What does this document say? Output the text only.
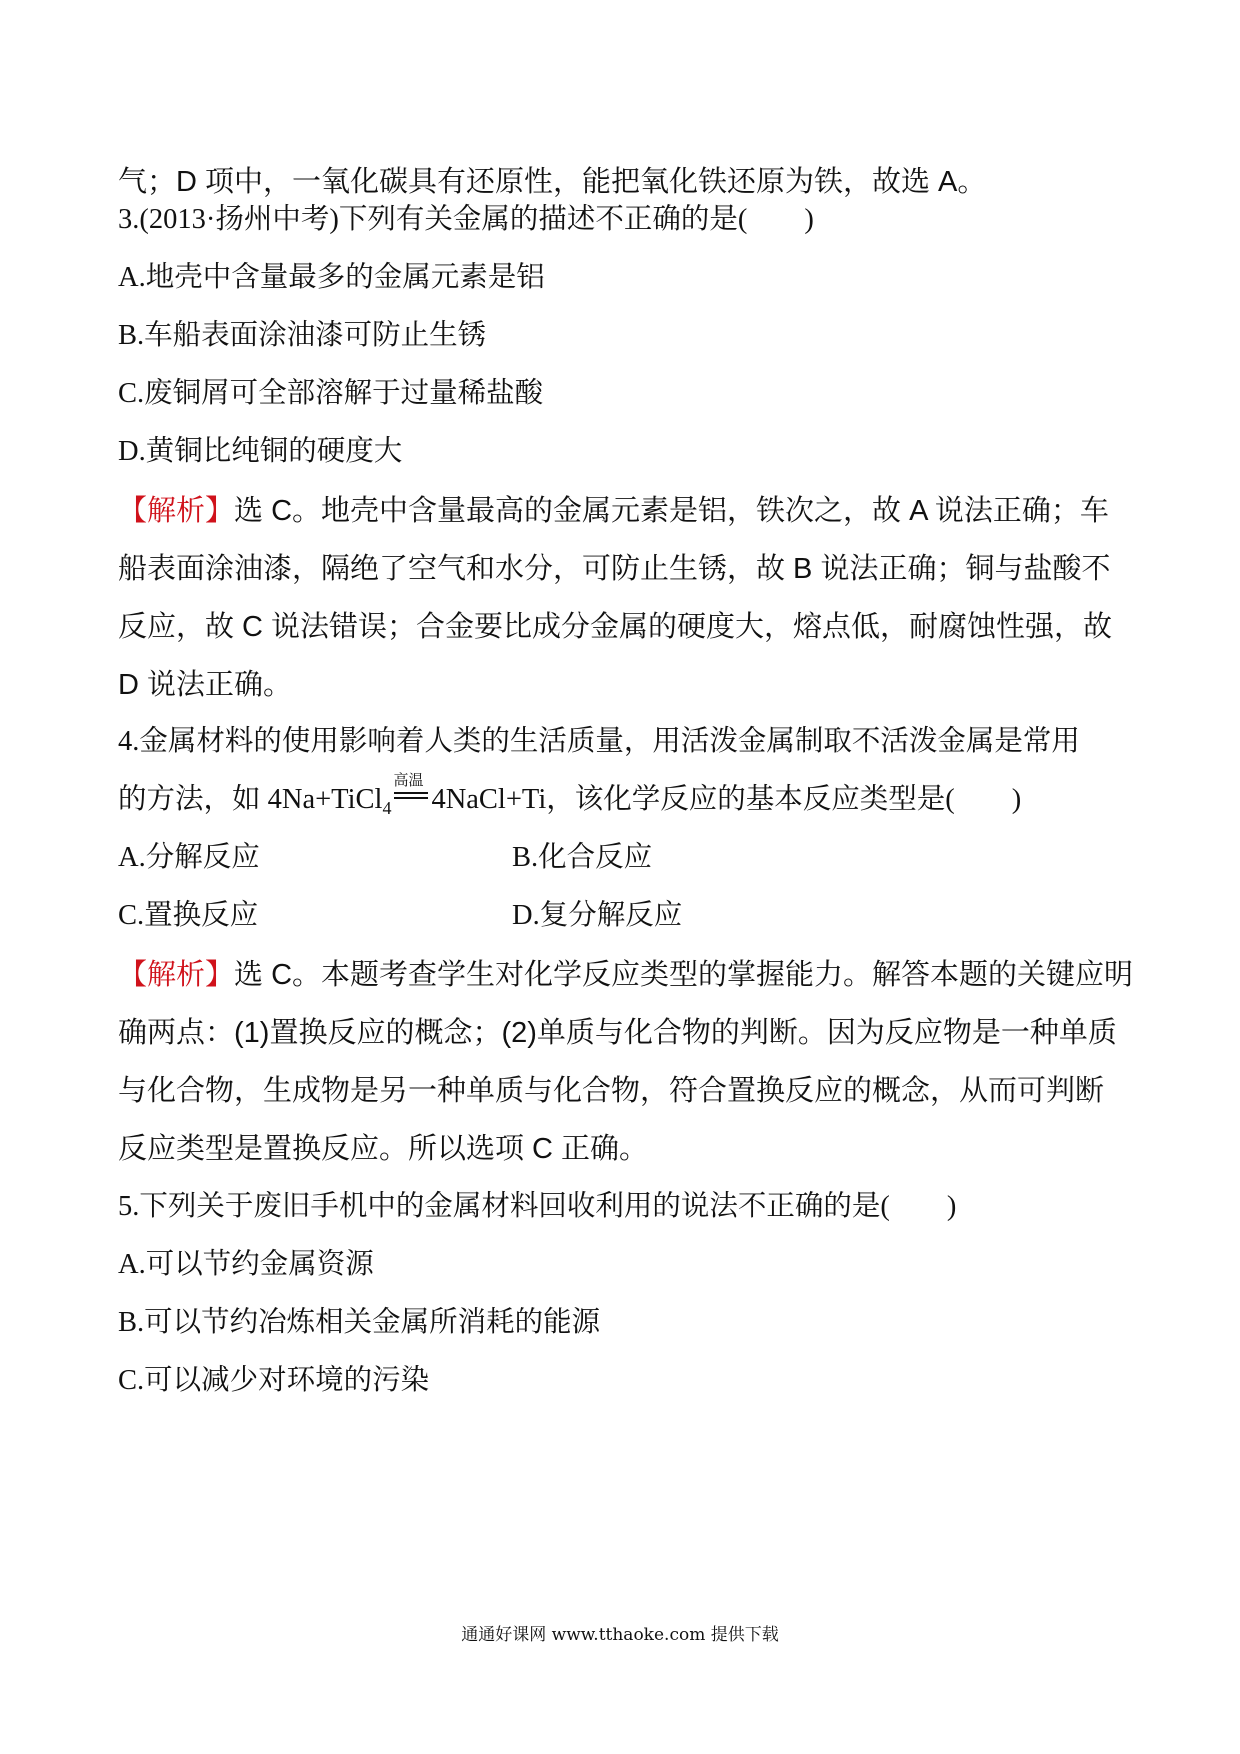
气；D 项中，一氧化碳具有还原性，能把氧化铁还原为铁，故选 A。
3.(2013·扬州中考)下列有关金属的描述不正确的是(　　)
A.地壳中含量最多的金属元素是铝
B.车船表面涂油漆可防止生锈
C.废铜屑可全部溶解于过量稀盐酸
D.黄铜比纯铜的硬度大
【解析】选 C。地壳中含量最高的金属元素是铝，铁次之，故 A 说法正确；车
船表面涂油漆，隔绝了空气和水分，可防止生锈，故 B 说法正确；铜与盐酸不
反应，故 C 说法错误；合金要比成分金属的硬度大，熔点低，耐腐蚀性强，故
D 说法正确。
4.金属材料的使用影响着人类的生活质量，用活泼金属制取不活泼金属是常用
的方法，如 4Na+TiCl$_4$
高温
4NaCl+Ti，该化学反应的基本反应类型是(　　)
A.分解反应	B.化合反应
C.置换反应	D.复分解反应
【解析】选 C。本题考查学生对化学反应类型的掌握能力。解答本题的关键应明
确两点：(1)置换反应的概念；(2)单质与化合物的判断。因为反应物是一种单质
与化合物，生成物是另一种单质与化合物，符合置换反应的概念，从而可判断
反应类型是置换反应。所以选项 C 正确。
5.下列关于废旧手机中的金属材料回收利用的说法不正确的是(　　)
A.可以节约金属资源
B.可以节约冶炼相关金属所消耗的能源
C.可以减少对环境的污染
通通好课网 www.tthaoke.com 提供下载
